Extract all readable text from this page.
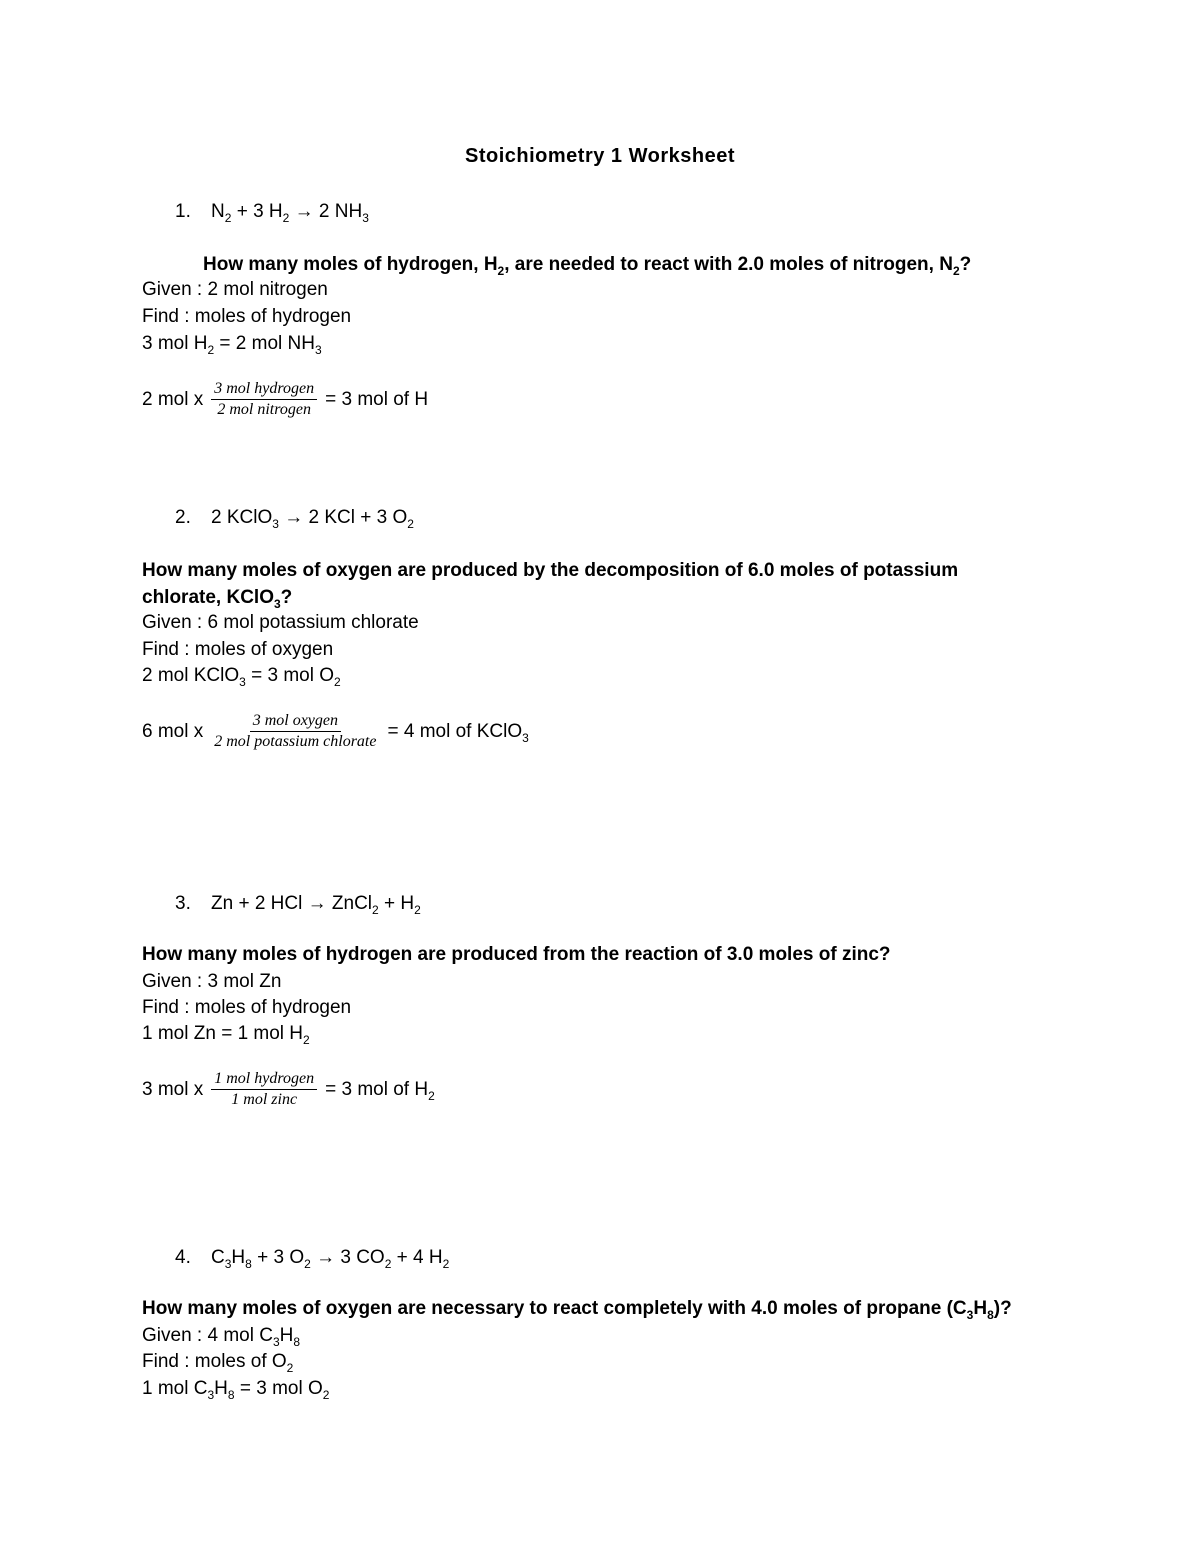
Stoichiometry 1 Worksheet
1. $N_2 + 3$ $H_2 \to 2$ $NH_3$
How many moles of hydrogen, $H_2$, are needed to react with 2.0 moles of nitrogen, $N_2$?
Given : 2 mol nitrogen
Find : moles of hydrogen
3 mol $H_2 = 2$ mol $NH_3$
2 mol x $\frac{\text{3 mol hydrogen}}{\text{2 mol nitrogen}} = 3$ mol of H
2. 2 KClO$_3$ → 2 KCl + 3 $O_2$
How many moles of oxygen are produced by the decomposition of 6.0 moles of potassium chlorate, KClO$_3$?
Given : 6 mol potassium chlorate
Find : moles of oxygen
2 mol KClO$_3$ = 3 mol $O_2$
6 mol x $\frac{\text{3 mol oxygen}}{\text{2 mol potassium chlorate}} = 4$ mol of KClO$_3$
3. Zn + 2 HCl → ZnCl$_2$ + $H_2$
How many moles of hydrogen are produced from the reaction of 3.0 moles of zinc?
Given : 3 mol Zn
Find : moles of hydrogen
1 mol Zn = 1 mol $H_2$
3 mol x $\frac{\text{1 mol hydrogen}}{\text{1 mol zinc}} = 3$ mol of $H_2$
4. $C_3H_8 + 3$ $O_2 \to 3$ $CO_2 + 4$ $H_2$
How many moles of oxygen are necessary to react completely with 4.0 moles of propane $(C_3H_8)$?
Given : 4 mol $C_3H_8$
Find : moles of $O_2$
1 mol $C_3H_8 = 3$ mol $O_2$
